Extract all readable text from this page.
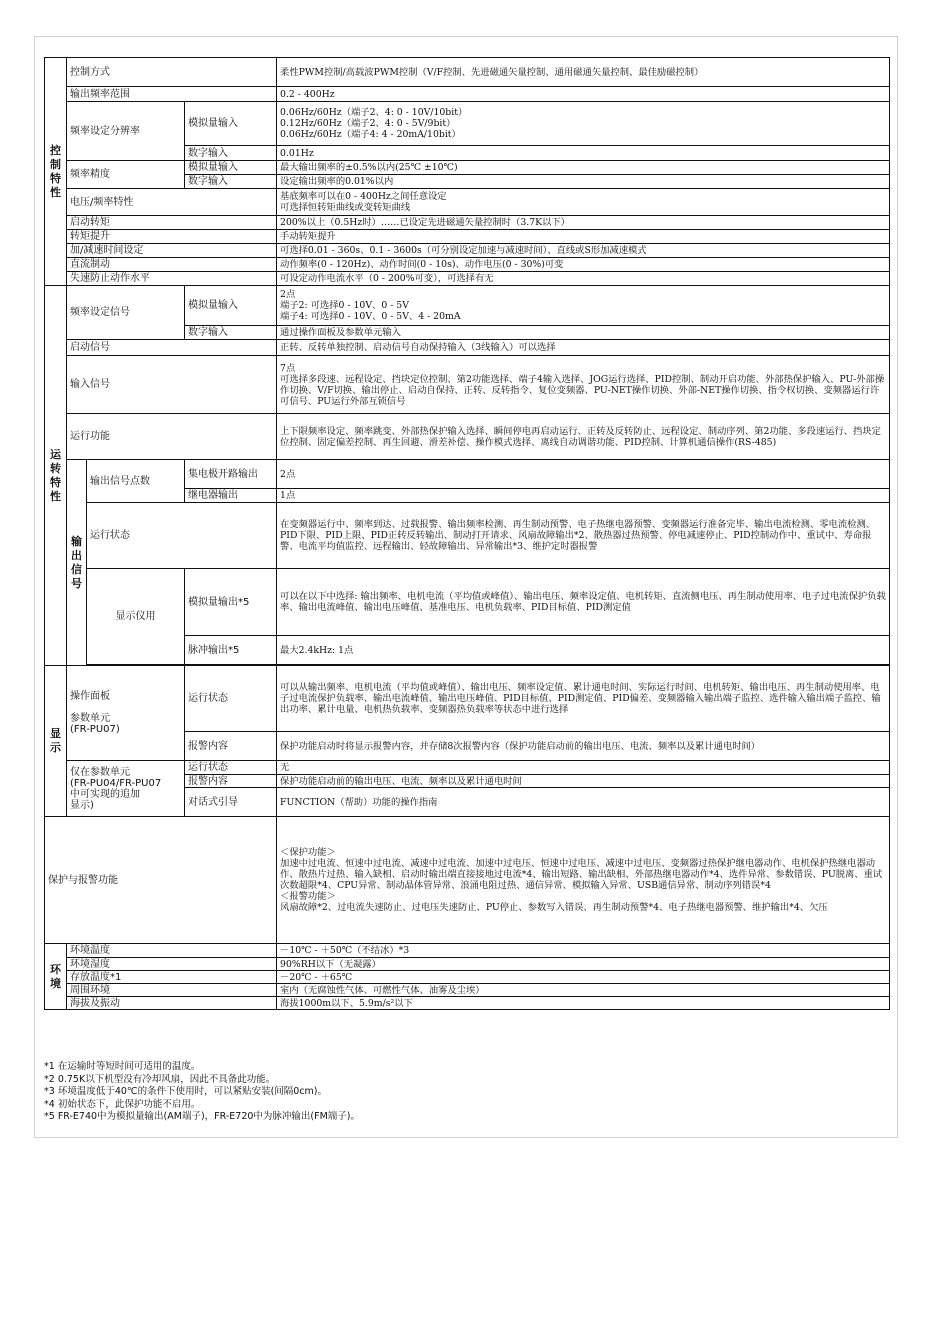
控
制
特
性	控制方式			柔性PWM控制/高载波PWM控制（V/F控制、先进磁通矢量控制、通用磁通矢量控制、最佳励磁控制）
	输出频率范围			0.2 - 400Hz
	频率设定分辨率		模拟量输入	0.06Hz/60Hz（端子2、4: 0 - 10V/10bit）
0.12Hz/60Hz（端子2、4: 0 - 5V/9bit）
0.06Hz/60Hz（端子4: 4 - 20mA/10bit）
			数字输入	0.01Hz
	频率精度		模拟量输入	最大输出频率的±0.5%以内(25℃ ±10℃)
			数字输入	设定输出频率的0.01%以内
	电压/频率特性			基底频率可以在0 - 400Hz之间任意设定
可选择恒转矩曲线或变转矩曲线
	启动转矩			200%以上（0.5Hz时）……已设定先进磁通矢量控制时（3.7K以下）
	转矩提升			手动转矩提升
	加/减速时间设定			可选择0.01 - 360s、0.1 - 3600s（可分别设定加速与减速时间）、直线或S形加减速模式
	直流制动			动作频率(0 - 120Hz)、动作时间(0 - 10s)、动作电压(0 - 30%)可变
	失速防止动作水平			可设定动作电流水平（0 - 200%可变），可选择有无
运
转
特
性	频率设定信号		模拟量输入	2点
端子2: 可选择0 - 10V、0 - 5V
端子4: 可选择0 - 10V、0 - 5V、4 - 20mA
			数字输入	通过操作面板及参数单元输入
	启动信号			正转、反转单独控制、启动信号自动保持输入（3线输入）可以选择
	输入信号			7点
可选择多段速、远程设定、挡块定位控制、第2功能选择、端子4输入选择、JOG运行选择、PID控制、制动开启功能、外部热保护输入、PU-外部操作切换、V/F切换、输出停止、启动自保持、正转、反转指令、复位变频器、PU-NET操作切换、外部-NET操作切换、指令权切换、变频器运行许可信号、PU运行外部互锁信号
	运行功能			上下限频率设定、频率跳变、外部热保护输入选择、瞬间停电再启动运行、正转及反转防止、远程设定、制动序列、第2功能、多段速运行、挡块定位控制、固定偏差控制、再生回避、滑差补偿、操作模式选择、离线自动调谐功能、PID控制、计算机通信操作(RS-485)
	输
出
信
号	输出信号点数	集电极开路输出	2点
			继电器输出	1点
		运行状态		在变频器运行中、频率到达、过载报警、输出频率检测、再生制动预警、电子热继电器预警、变频器运行准备完毕、输出电流检测、零电流检测、PID下限、PID上限、PID正转反转输出、制动打开请求、风扇故障输出*2、散热器过热预警、停电减速停止、PID控制动作中、重试中、寿命报警、电流平均值监控、远程输出、轻故障输出、异常输出*3、维护定时器报警
		显示仪用	模拟量输出*5	可以在以下中选择: 输出频率、电机电流（平均值或峰值）、输出电压、频率设定值、电机转矩、直流侧电压、再生制动使用率、电子过电流保护负载率、输出电流峰值、输出电压峰值、基准电压、电机负载率、PID目标值、PID测定值
			脉冲输出*5	最大2.4kHz: 1点

显
示	操作面板

参数单元
(FR-PU07)		运行状态	可以从输出频率、电机电流（平均值或峰值）、输出电压、频率设定值、累计通电时间、实际运行时间、电机转矩、输出电压、再生制动使用率、电子过电流保护负载率、输出电流峰值、输出电压峰值、PID目标值、PID测定值、PID偏差、变频器输入输出端子监控、选件输入输出端子监控、输出功率、累计电量、电机热负载率、变频器热负载率等状态中进行选择
			报警内容	保护功能启动时将显示报警内容，并存储8次报警内容（保护功能启动前的输出电压、电流、频率以及累计通电时间）
	仅在参数单元
(FR-PU04/FR-PU07
中可实现的追加
显示)		运行状态	无
			报警内容	保护功能启动前的输出电压、电流、频率以及累计通电时间
			对话式引导	FUNCTION（帮助）功能的操作指南
保护与报警功能				＜保护功能＞
加速中过电流、恒速中过电流、减速中过电流、加速中过电压、恒速中过电压、减速中过电压、变频器过热保护继电器动作、电机保护热继电器动作、散热片过热、输入缺相、启动时输出端直接接地过电流*4、输出短路、输出缺相、外部热继电器动作*4、选件异常、参数错误、PU脱离、重试次数超限*4、CPU异常、制动晶体管异常、浪涌电阻过热、通信异常、模拟输入异常、USB通信异常、制动序列错误*4
＜报警功能＞
风扇故障*2、过电流失速防止、过电压失速防止、PU停止、参数写入错误、再生制动预警*4、电子热继电器预警、维护输出*4、欠压
环
境	环境温度			－10℃ - ＋50℃（不结冰）*3
	环境湿度			90%RH以下（无凝露）
	存放温度*1			－20℃ - ＋65℃
	周围环境			室内（无腐蚀性气体、可燃性气体、油雾及尘埃）
	海拔及振动			海拔1000m以下、5.9m/s²以下
*1 在运输时等短时间可适用的温度。
*2 0.75K以下机型没有冷却风扇，因此不具备此功能。
*3 环境温度低于40℃的条件下使用时，可以紧贴安装(间隔0cm)。
*4 初始状态下，此保护功能不启用。
*5 FR-E740中为模拟量输出(AM端子)，FR-E720中为脉冲输出(FM端子)。
